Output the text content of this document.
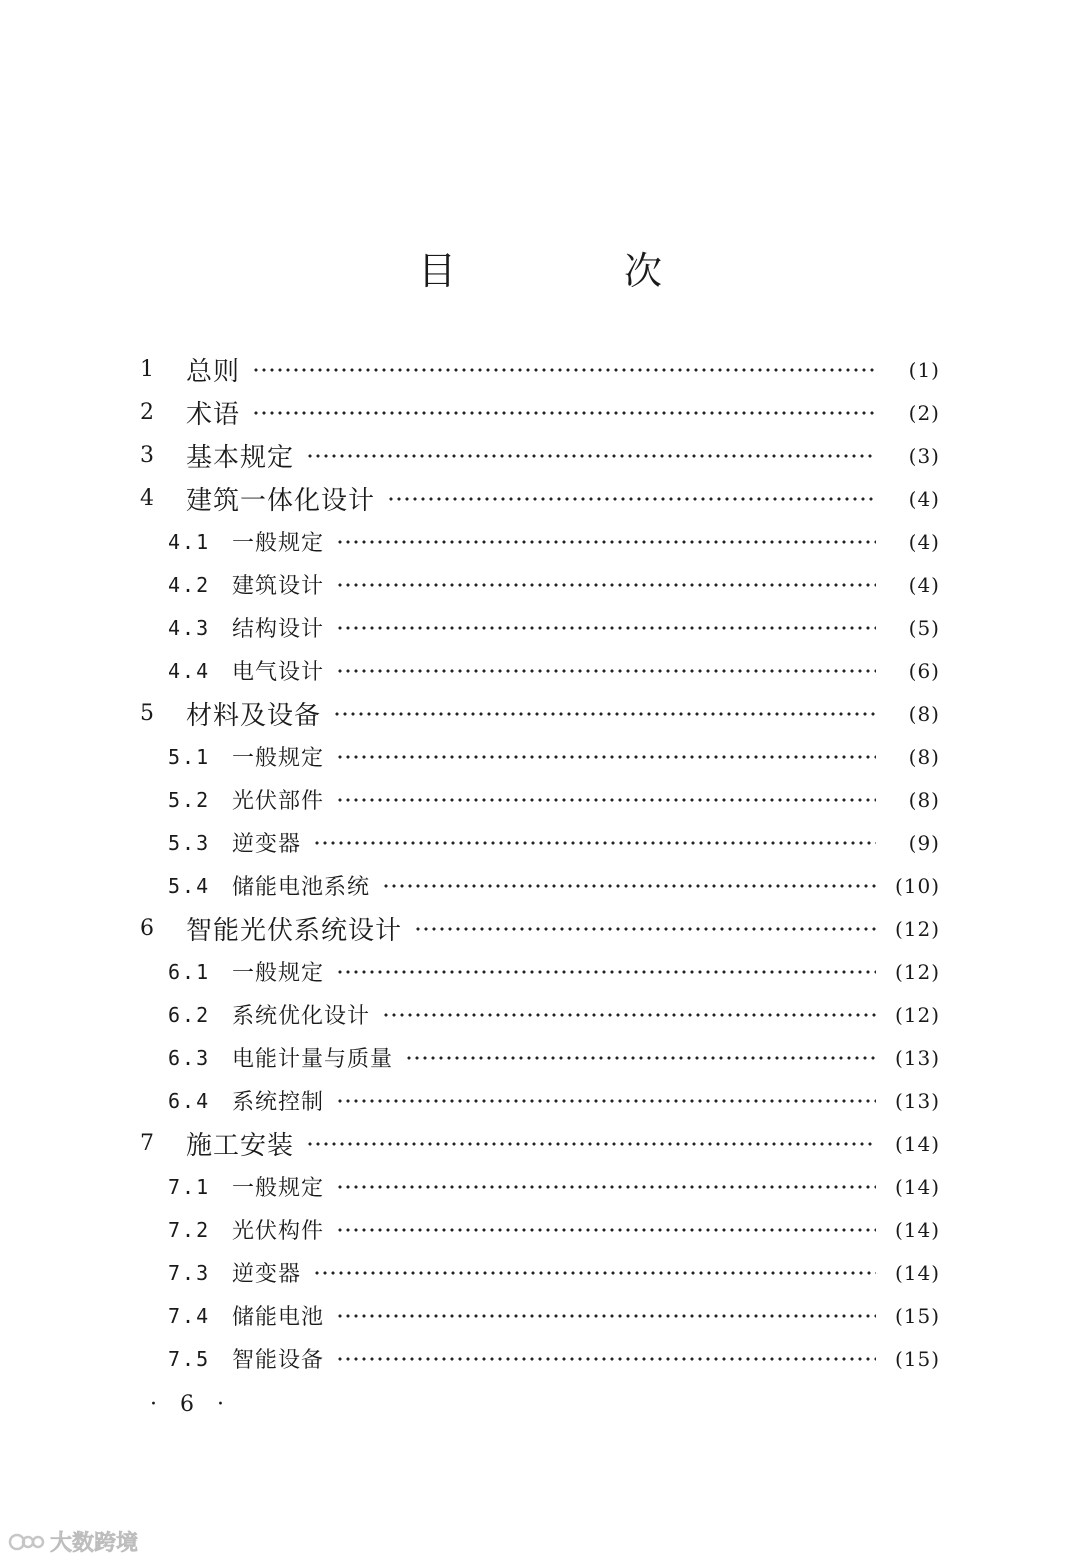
目 次
1	总则	(1)
2	术语	(2)
3	基本规定	(3)
4	建筑一体化设计	(4)
4.1 一般规定	(4)
4.2 建筑设计	(4)
4.3 结构设计	(5)
4.4 电气设计	(6)
5	材料及设备	(8)
5.1 一般规定	(8)
5.2 光伏部件	(8)
5.3 逆变器	(9)
5.4 储能电池系统	(10)
6	智能光伏系统设计	(12)
6.1 一般规定	(12)
6.2 系统优化设计	(12)
6.3 电能计量与质量	(13)
6.4 系统控制	(13)
7	施工安装	(14)
7.1 一般规定	(14)
7.2 光伏构件	(14)
7.3 逆变器	(14)
7.4 储能电池	(15)
7.5 智能设备	(15)
· 6 ·
大数跨境
